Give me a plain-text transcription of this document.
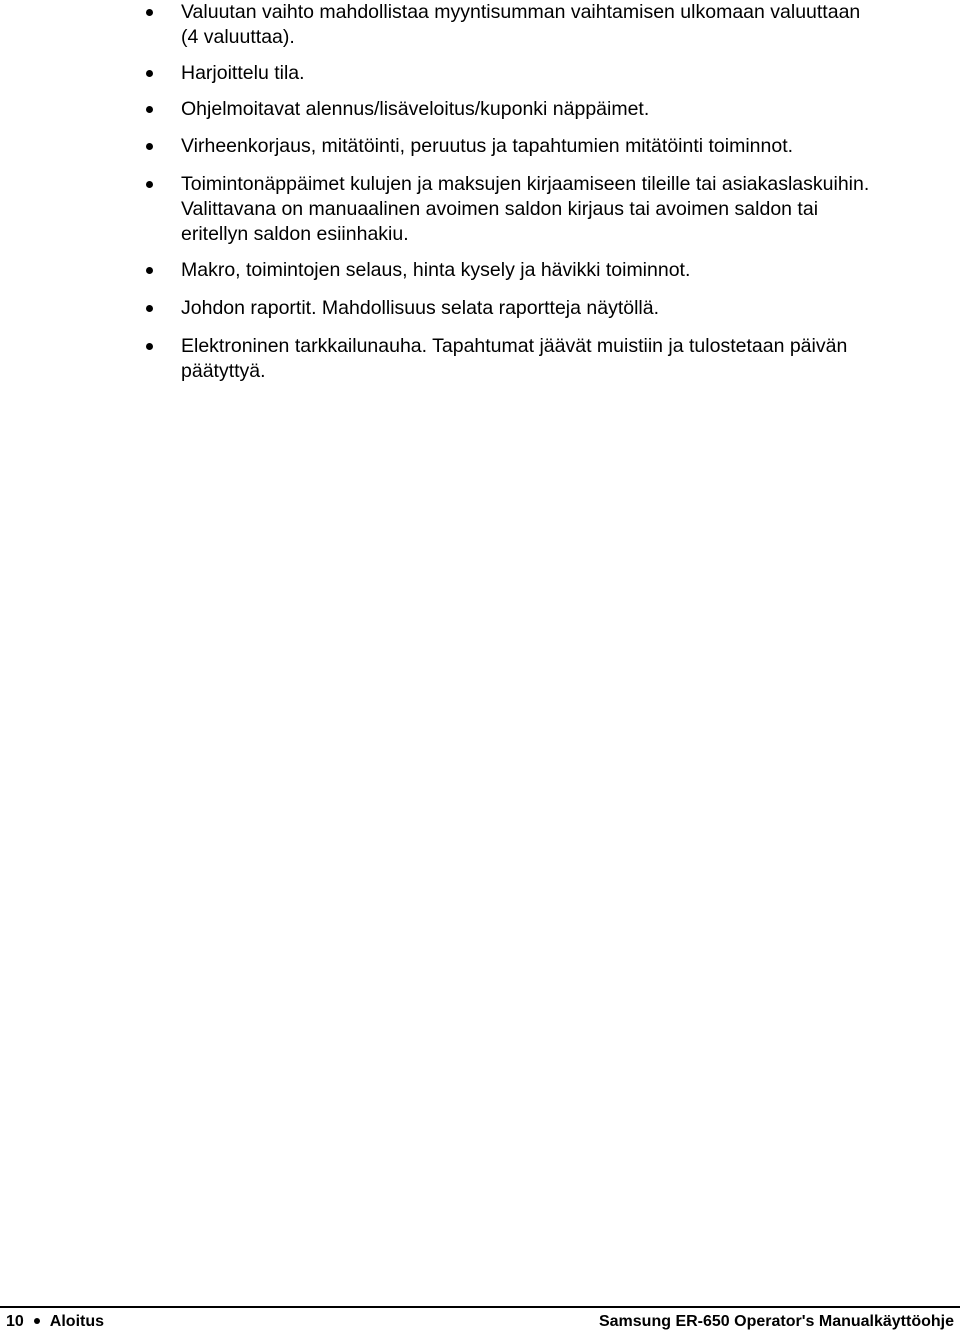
Valuutan vaihto mahdollistaa myyntisumman vaihtamisen ulkomaan valuuttaan
(4 valuuttaa).
Harjoittelu tila.
Ohjelmoitavat alennus/lisäveloitus/kuponki näppäimet.
Virheenkorjaus, mitätöinti, peruutus ja tapahtumien mitätöinti toiminnot.
Toimintonäppäimet kulujen ja maksujen kirjaamiseen tileille tai asiakaslaskuihin.
Valittavana on manuaalinen avoimen saldon kirjaus tai avoimen saldon tai
eritellyn saldon esiinhakiu.
Makro, toimintojen selaus, hinta kysely ja hävikki toiminnot.
Johdon raportit. Mahdollisuus selata raportteja näytöllä.
Elektroninen tarkkailunauha. Tapahtumat jäävät muistiin ja tulostetaan päivän
päätyttyä.
10 Aloitus	Samsung ER-650 Operator's Manualkäyttöohje
